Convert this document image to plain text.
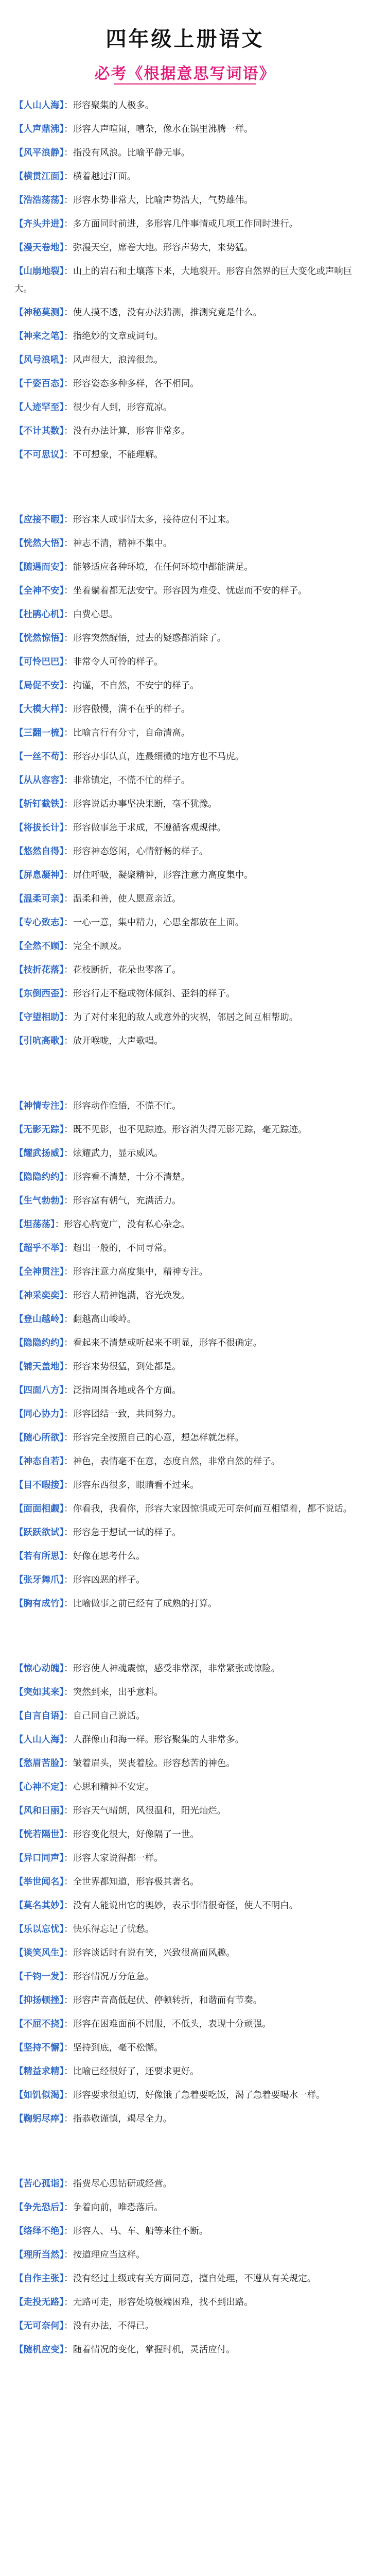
四年级上册语文
必考《根据意思写词语》
【人山人海】：形容聚集的人极多。
【人声鼎沸】：形容人声喧闹，嘈杂，像水在锅里沸腾一样。
【风平浪静】：指没有风浪。比喻平静无事。
【横贯江面】：横着越过江面。
【浩浩荡荡】：形容水势非常大，比喻声势浩大，气势雄伟。
【齐头并进】：多方面同时前进，多形容几件事情或几项工作同时进行。
【漫天卷地】：弥漫天空，席卷大地。形容声势大，来势猛。
【山崩地裂】：山上的岩石和土壤落下来，大地裂开。形容自然界的巨大变化或声响巨大。
【神秘莫测】：使人摸不透，没有办法猜测，推测究竟是什么。
【神来之笔】：指绝妙的文章或词句。
【风号浪吼】：风声很大，浪涛很急。
【千姿百态】：形容姿态多种多样，各不相同。
【人迹罕至】：很少有人到，形容荒凉。
【不计其数】：没有办法计算，形容非常多。
【不可思议】：不可想象，不能理解。
【应接不暇】：形容来人或事情太多，接待应付不过来。
【恍然大悟】：神志不清，精神不集中。
【随遇而安】：能够适应各种环境，在任何环境中都能满足。
【全神不安】：坐着躺着都无法安宁。形容因为难受、忧虑而不安的样子。
【杜鹃心机】：白费心思。
【恍然惊悟】：形容突然醒悟，过去的疑惑都消除了。
【可怜巴巴】：非常令人可怜的样子。
【局促不安】：拘谨，不自然，不安宁的样子。
【大模大样】：形容傲慢，满不在乎的样子。
【三翻一梳】：比喻言行有分寸，自命清高。
【一丝不苟】：形容办事认真，连最细微的地方也不马虎。
【从从容容】：非常镇定，不慌不忙的样子。
【斩钉截铁】：形容说话办事坚决果断，毫不犹豫。
【将拔长计】：形容做事急于求成，不遵循客观规律。
【悠然自得】：形容神态悠闲，心情舒畅的样子。
【屏息凝神】：屏住呼吸，凝聚精神，形容注意力高度集中。
【温柔可亲】：温柔和善，使人愿意亲近。
【专心致志】：一心一意，集中精力，心思全都放在上面。
【全然不顾】：完全不顾及。
【枝折花落】：花枝断折，花朵也零落了。
【东倒西歪】：形容行走不稳或物体倾斜、歪斜的样子。
【守望相助】：为了对付来犯的敌人或意外的灾祸，邻居之间互相帮助。
【引吭高歌】：放开喉咙，大声歌唱。
【神情专注】：形容动作惟悟，不慌不忙。
【无影无踪】：既不见影，也不见踪迹。形容消失得无影无踪，毫无踪迹。
【耀武扬威】：炫耀武力，显示威风。
【隐隐约约】：形容看不清楚，十分不清楚。
【生气勃勃】：形容富有朝气，充满活力。
【坦荡荡】：形容心胸宽广，没有私心杂念。
【超乎不举】：超出一般的，不同寻常。
【全神贯注】：形容注意力高度集中，精神专注。
【神采奕奕】：形容人精神饱满，容光焕发。
【登山越岭】：翻越高山峻岭。
【隐隐约约】：看起来不清楚或听起来不明显，形容不很确定。
【铺天盖地】：形容来势很猛，到处都是。
【四面八方】：泛指周围各地或各个方面。
【同心协力】：形容团结一致，共同努力。
【随心所欲】：形容完全按照自己的心意，想怎样就怎样。
【神态自若】：神色，表情毫不在意，态度自然，非常自然的样子。
【目不暇接】：形容东西很多，眼睛看不过来。
【面面相觑】：你看我，我看你，形容大家因惊惧或无可奈何而互相望着，都不说话。
【跃跃欲试】：形容急于想试一试的样子。
【若有所思】：好像在思考什么。
【张牙舞爪】：形容凶恶的样子。
【胸有成竹】：比喻做事之前已经有了成熟的打算。
【惊心动魄】：形容使人神魂震惊，感受非常深，非常紧张或惊险。
【突如其来】：突然到来，出乎意料。
【自言自语】：自己同自己说话。
【人山人海】：人群像山和海一样。形容聚集的人非常多。
【愁眉苦脸】：皱着眉头，哭丧着脸。形容愁苦的神色。
【心神不定】：心思和精神不安定。
【风和日丽】：形容天气晴朗，风很温和，阳光灿烂。
【恍若隔世】：形容变化很大，好像隔了一世。
【异口同声】：形容大家说得都一样。
【举世闻名】：全世界都知道，形容极其著名。
【莫名其妙】：没有人能说出它的奥妙，表示事情很奇怪，使人不明白。
【乐以忘忧】：快乐得忘记了忧愁。
【谈笑风生】：形容谈话时有说有笑，兴致很高而风趣。
【千钧一发】：形容情况万分危急。
【抑扬顿挫】：形容声音高低起伏、停顿转折，和谐而有节奏。
【不屈不挠】：形容在困难面前不屈服，不低头，表现十分顽强。
【坚持不懈】：坚持到底，毫不松懈。
【精益求精】：比喻已经很好了，还要求更好。
【如饥似渴】：形容要求很迫切，好像饿了急着要吃饭，渴了急着要喝水一样。
【鞠躬尽瘁】：指恭敬谨慎，竭尽全力。
【苦心孤诣】：指费尽心思钻研或经营。
【争先恐后】：争着向前，唯恐落后。
【络绎不绝】：形容人、马、车、船等来往不断。
【理所当然】：按道理应当这样。
【自作主张】：没有经过上级或有关方面同意，擅自处理，不遵从有关规定。
【走投无路】：无路可走，形容处境极端困难，找不到出路。
【无可奈何】：没有办法，不得已。
【随机应变】：随着情况的变化，掌握时机，灵活应付。
